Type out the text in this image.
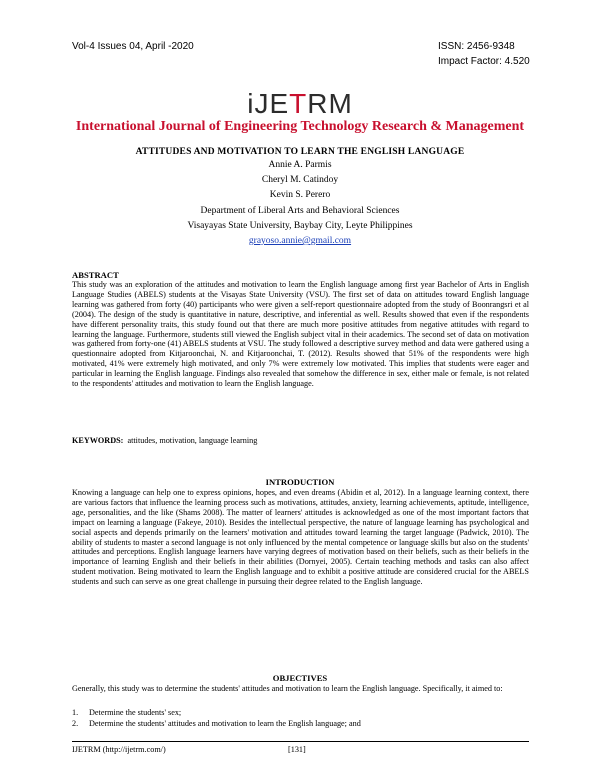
Vol-4 Issues 04, April -2020	ISSN: 2456-9348
Impact Factor: 4.520
iJETRM
International Journal of Engineering Technology Research & Management
ATTITUDES AND MOTIVATION TO LEARN THE ENGLISH LANGUAGE
Annie A. Parmis
Cheryl M. Catindoy
Kevin S. Perero
Department of Liberal Arts and Behavioral Sciences
Visayayas State University, Baybay City, Leyte Philippines
grayoso.annie@gmail.com
ABSTRACT
This study was an exploration of the attitudes and motivation to learn the English language among first year Bachelor of Arts in English Language Studies (ABELS) students at the Visayas State University (VSU). The first set of data on attitudes toward English language learning was gathered from forty (40) participants who were given a self-report questionnaire adopted from the study of Boonrangsri et al (2004). The design of the study is quantitative in nature, descriptive, and inferential as well. Results showed that even if the respondents have different personality traits, this study found out that there are much more positive attitudes from negative attitudes with regard to learning the language. Furthermore, students still viewed the English subject vital in their academics. The second set of data on motivation was gathered from forty-one (41) ABELS students at VSU. The study followed a descriptive survey method and data were gathered using a questionnaire adopted from Kitjaroonchai, N. and Kitjaroonchai, T. (2012). Results showed that 51% of the respondents were high motivated, 41% were extremely high motivated, and only 7% were extremely low motivated. This implies that students were eager and particular in learning the English language. Findings also revealed that somehow the difference in sex, either male or female, is not related to the respondents' attitudes and motivation to learn the English language.
KEYWORDS: attitudes, motivation, language learning
INTRODUCTION
Knowing a language can help one to express opinions, hopes, and even dreams (Abidin et al, 2012). In a language learning context, there are various factors that influence the learning process such as motivations, attitudes, anxiety, learning achievements, aptitude, intelligence, age, personalities, and the like (Shams 2008). The matter of learners' attitudes is acknowledged as one of the most important factors that impact on learning a language (Fakeye, 2010). Besides the intellectual perspective, the nature of language learning has psychological and social aspects and depends primarily on the learners' motivation and attitudes toward learning the target language (Padwick, 2010). The ability of students to master a second language is not only influenced by the mental competence or language skills but also on the students' attitudes and perceptions. English language learners have varying degrees of motivation based on their beliefs, such as their beliefs in the importance of learning English and their beliefs in their abilities (Dornyei, 2005). Certain teaching methods and tasks can also affect student motivation. Being motivated to learn the English language and to exhibit a positive attitude are considered crucial for the ABELS students and such can serve as one great challenge in pursuing their degree related to the English language.
OBJECTIVES
Generally, this study was to determine the students' attitudes and motivation to learn the English language. Specifically, it aimed to:
1. Determine the students' sex;
2. Determine the students' attitudes and motivation to learn the English language; and
IJETRM (http://ijetrm.com/)	[131]
